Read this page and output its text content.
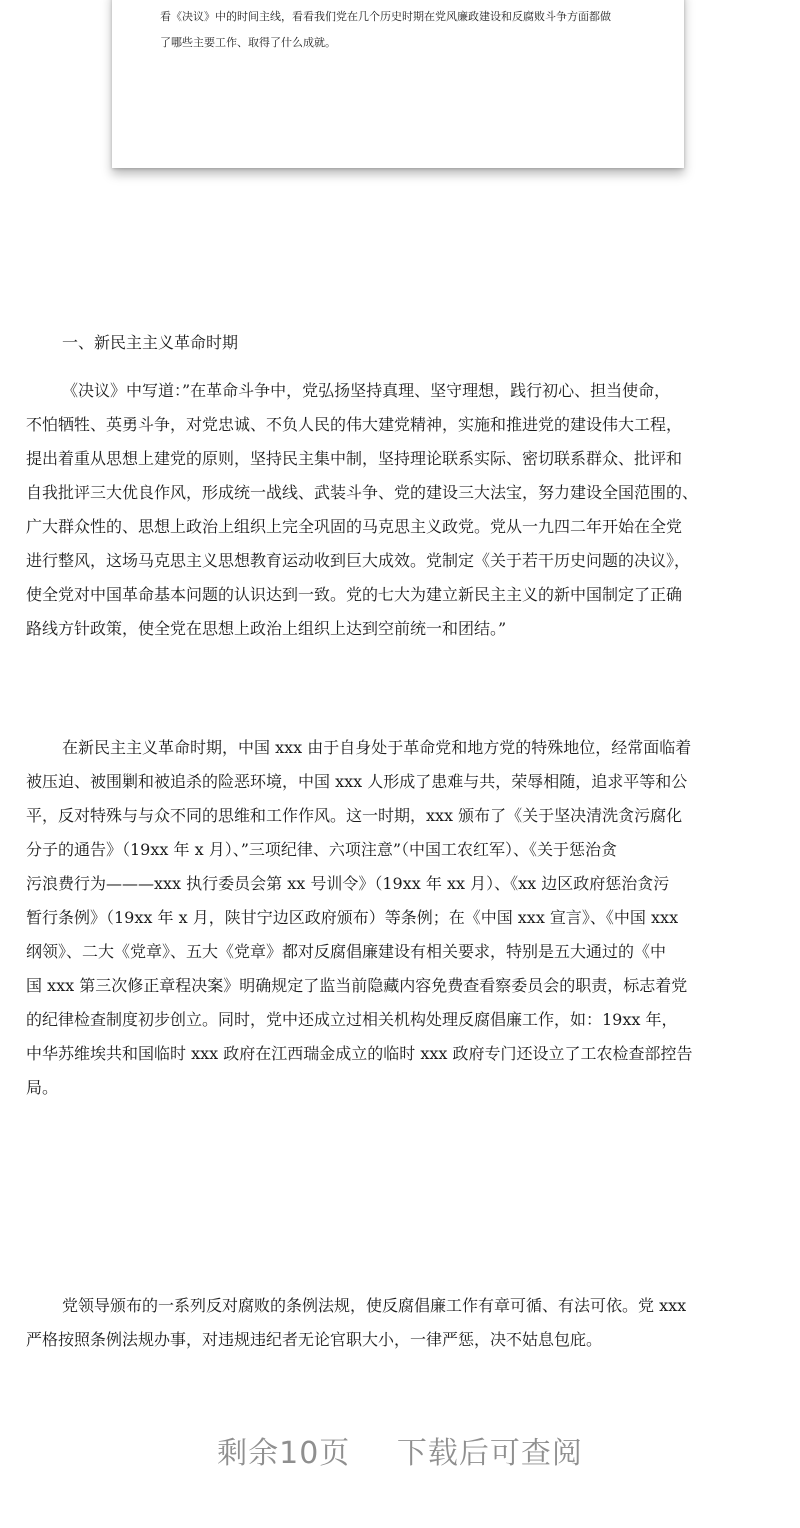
看《决议》中的时间主线，看看我们党在几个历史时期在党风廉政建设和反腐败斗争方面都做

了哪些主要工作、取得了什么成就。

一、新民主主义革命时期
《决议》中写道：”在革命斗争中，党弘扬坚持真理、坚守理想，践行初心、担当使命，
不怕牺牲、英勇斗争，对党忠诚、不负人民的伟大建党精神，实施和推进党的建设伟大工程，
提出着重从思想上建党的原则，坚持民主集中制，坚持理论联系实际、密切联系群众、批评和
自我批评三大优良作风，形成统一战线、武装斗争、党的建设三大法宝，努力建设全国范围的、
广大群众性的、思想上政治上组织上完全巩固的马克思主义政党。党从一九四二年开始在全党
进行整风，这场马克思主义思想教育运动收到巨大成效。党制定《关于若干历史问题的决议》，
使全党对中国革命基本问题的认识达到一致。党的七大为建立新民主主义的新中国制定了正确
路线方针政策，使全党在思想上政治上组织上达到空前统一和团结。”
在新民主主义革命时期，中国 xxx 由于自身处于革命党和地方党的特殊地位，经常面临着
被压迫、被围剿和被追杀的险恶环境，中国 xxx 人形成了患难与共，荣辱相随，追求平等和公
平，反对特殊与与众不同的思维和工作作风。这一时期，xxx 颁布了《关于坚决清洗贪污腐化
分子的通告》（19xx 年 x 月）、”三项纪律、六项注意”（中国工农红军）、《关于惩治贪
污浪费行为———xxx 执行委员会第 xx 号训令》（19xx 年 xx 月）、《xx 边区政府惩治贪污
暂行条例》（19xx 年 x 月，陕甘宁边区政府颁布）等条例；在《中国 xxx 宣言》、《中国 xxx
纲领》、二大《党章》、五大《党章》都对反腐倡廉建设有相关要求，特别是五大通过的《中
国 xxx 第三次修正章程决案》明确规定了监当前隐藏内容免费查看察委员会的职责，标志着党
的纪律检查制度初步创立。同时，党中还成立过相关机构处理反腐倡廉工作，如：19xx 年，
中华苏维埃共和国临时 xxx 政府在江西瑞金成立的临时 xxx 政府专门还设立了工农检查部控告
局。
党领导颁布的一系列反对腐败的条例法规，使反腐倡廉工作有章可循、有法可依。党 xxx
严格按照条例法规办事，对违规违纪者无论官职大小，一律严惩，决不姑息包庇。
剩余10页 下载后可查阅
